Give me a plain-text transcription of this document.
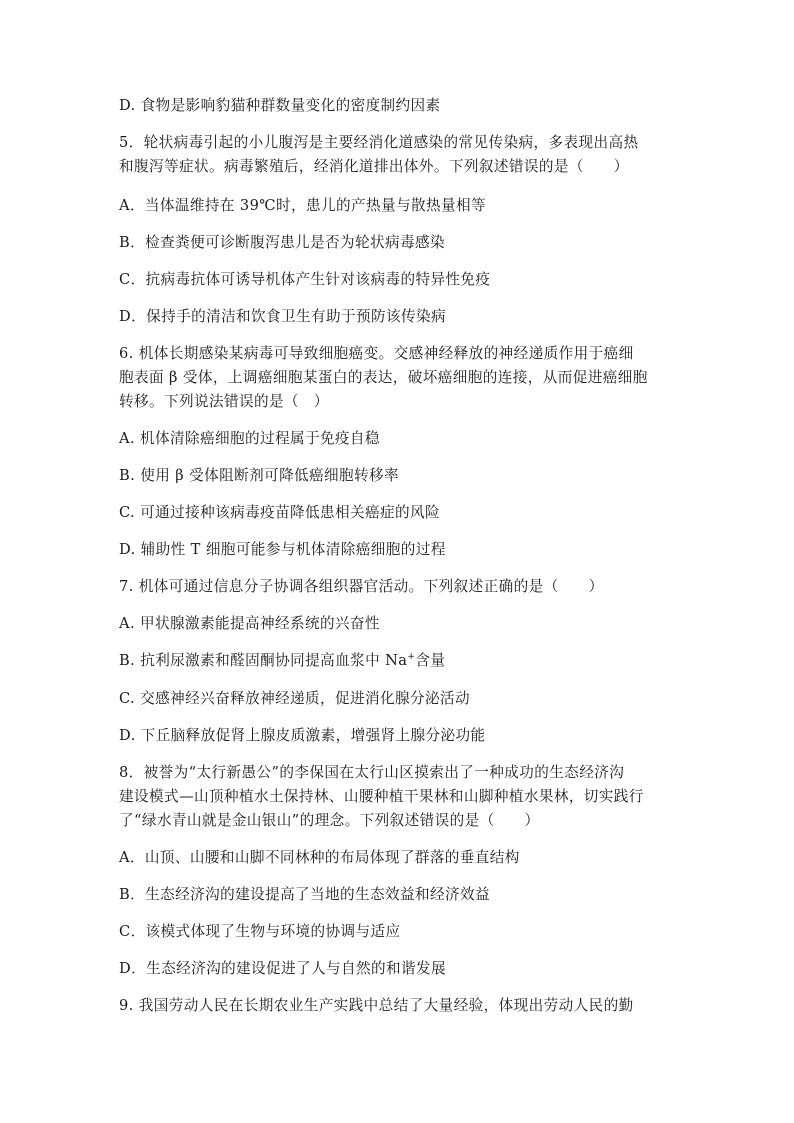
D. 食物是影响豹猫种群数量变化的密度制约因素
5．轮状病毒引起的小儿腹泻是主要经消化道感染的常见传染病，多表现出高热
和腹泻等症状。病毒繁殖后，经消化道排出体外。下列叙述错误的是（　　）
A．当体温维持在 39℃时，患儿的产热量与散热量相等
B．检查粪便可诊断腹泻患儿是否为轮状病毒感染
C．抗病毒抗体可诱导机体产生针对该病毒的特异性免疫
D．保持手的清洁和饮食卫生有助于预防该传染病
6. 机体长期感染某病毒可导致细胞癌变。交感神经释放的神经递质作用于癌细
胞表面 β 受体，上调癌细胞某蛋白的表达，破坏癌细胞的连接，从而促进癌细胞
转移。下列说法错误的是（　）
A. 机体清除癌细胞的过程属于免疫自稳
B. 使用 β 受体阻断剂可降低癌细胞转移率
C. 可通过接种该病毒疫苗降低患相关癌症的风险
D. 辅助性 T 细胞可能参与机体清除癌细胞的过程
7. 机体可通过信息分子协调各组织器官活动。下列叙述正确的是（　　）
A. 甲状腺激素能提高神经系统的兴奋性
B. 抗利尿激素和醛固酮协同提高血浆中 Na+含量
C. 交感神经兴奋释放神经递质，促进消化腺分泌活动
D. 下丘脑释放促肾上腺皮质激素，增强肾上腺分泌功能
8．被誉为“太行新愚公”的李保国在太行山区摸索出了一种成功的生态经济沟
建设模式—山顶种植水土保持林、山腰种植干果林和山脚种植水果林，切实践行
了“绿水青山就是金山银山”的理念。下列叙述错误的是（　　）
A．山顶、山腰和山脚不同林种的布局体现了群落的垂直结构
B．生态经济沟的建设提高了当地的生态效益和经济效益
C．该模式体现了生物与环境的协调与适应
D．生态经济沟的建设促进了人与自然的和谐发展
9. 我国劳动人民在长期农业生产实践中总结了大量经验，体现出劳动人民的勤
